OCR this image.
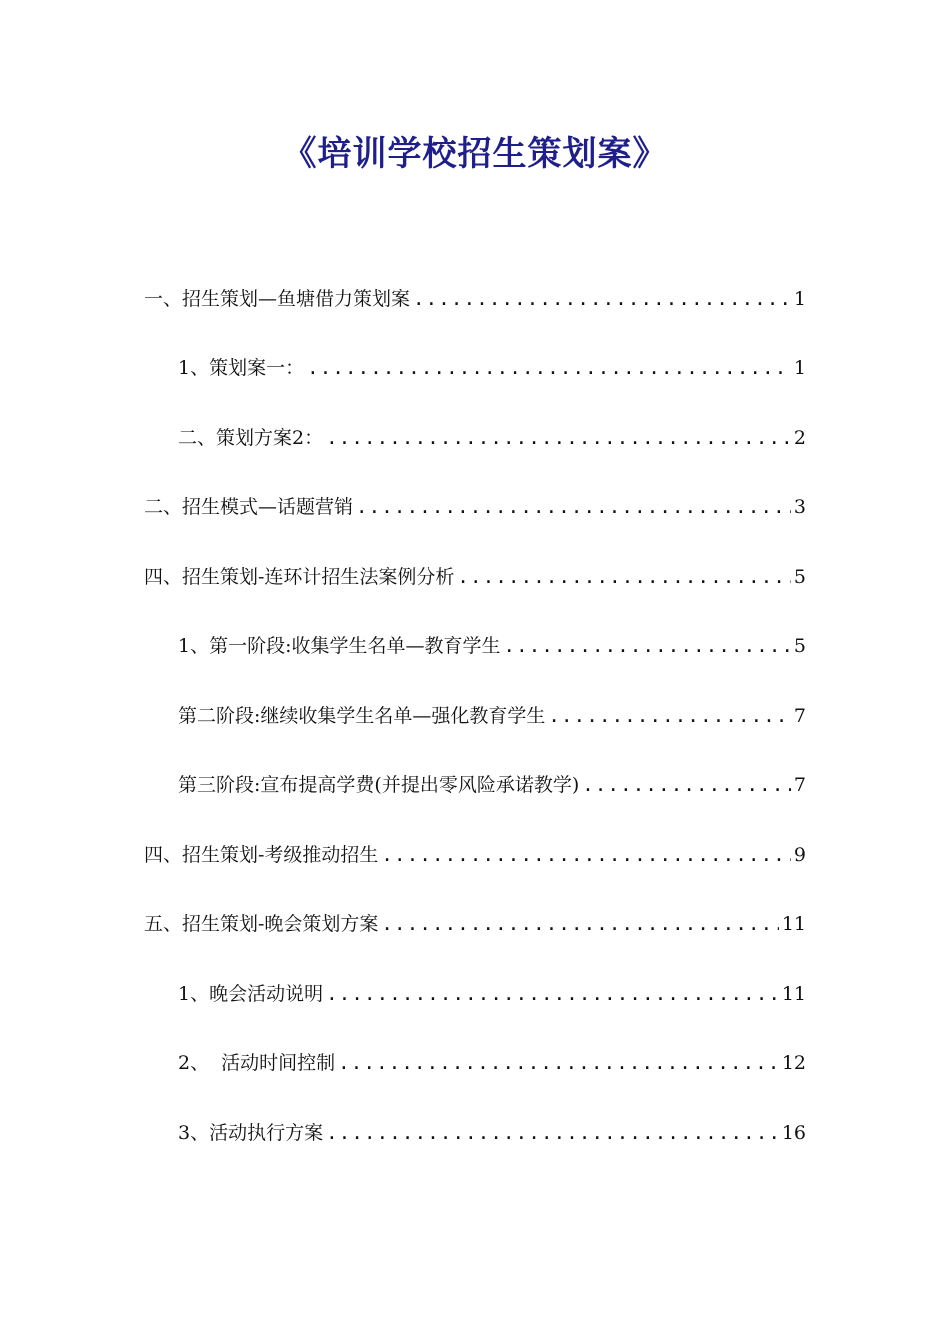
《培训学校招生策划案》
一、招生策划—鱼塘借力策划案 .....	1
1、策划案一： .....	1
二、策划方案2： .....	2
二、招生模式—话题营销 .....	3
四、招生策划-连环计招生法案例分析 .....	5
1、第一阶段:收集学生名单—教育学生 .....	5
第二阶段:继续收集学生名单—强化教育学生 .....	7
第三阶段:宣布提高学费(并提出零风险承诺教学) .....	7
四、招生策划-考级推动招生 .....	9
五、招生策划-晚会策划方案 .....	11
1、晚会活动说明 .....	11
2、  活动时间控制 .....	12
3、活动执行方案 .....	16
